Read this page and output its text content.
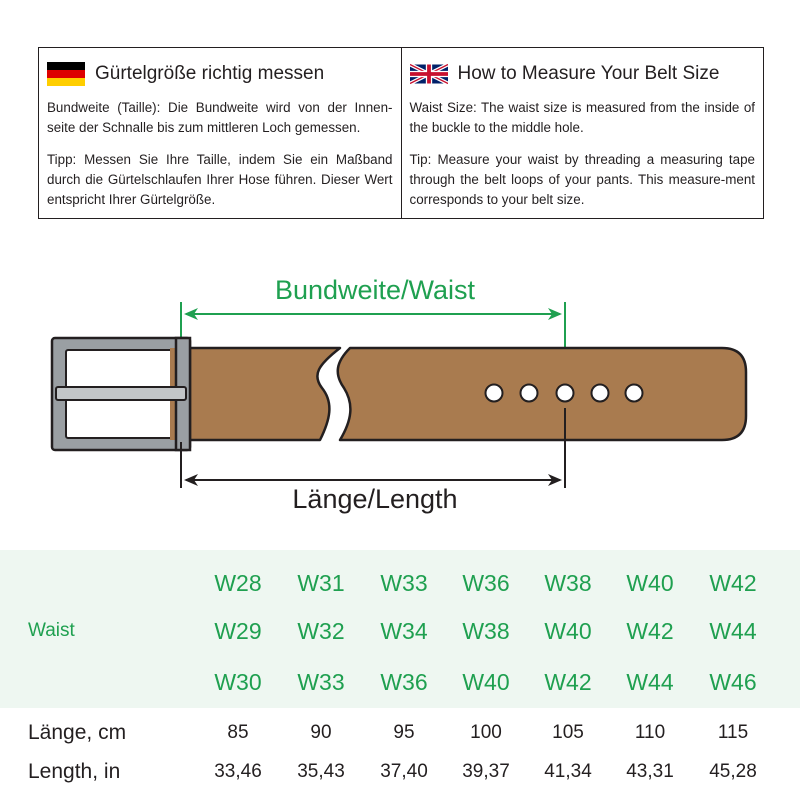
Gürtelgröße richtig messen

Bundweite (Taille): Die Bundweite wird von der Innen-seite der Schnalle bis zum mittleren Loch gemessen.

Tipp: Messen Sie Ihre Taille, indem Sie ein Maßband durch die Gürtelschlaufen Ihrer Hose führen. Dieser Wert entspricht Ihrer Gürtelgröße.

How to Measure Your Belt Size

Waist Size: The waist size is measured from the inside of the buckle to the middle hole.

Tip: Measure your waist by threading a measuring tape through the belt loops of your pants. This measure-ment corresponds to your belt size.

Bundweite/Waist
Länge/Length
Waist
W28	W31	W33	W36	W38	W40	W42
W29	W32	W34	W38	W40	W42	W44
W30	W33	W36	W40	W42	W44	W46
Länge, cm	85	90	95	100	105	110	115
Length, in	33,46	35,43	37,40	39,37	41,34	43,31	45,28
